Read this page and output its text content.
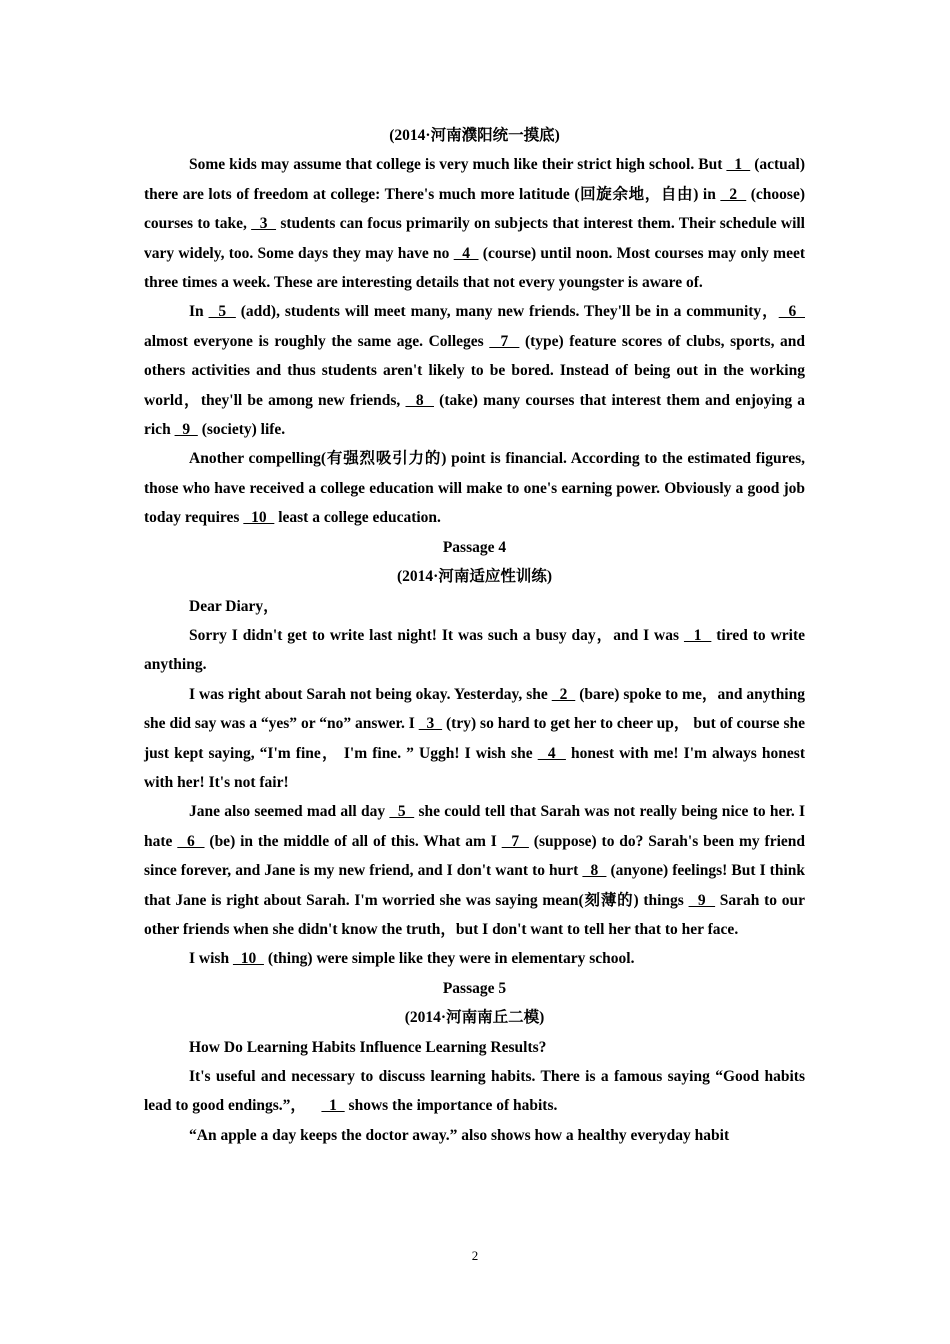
(2014·河南濮阳统一摸底)

Some kids may assume that college is very much like their strict high school. But   1   (actual) there are lots of freedom at college: There's much more latitude (回旋余地，自由) in   2   (choose) courses to take,   3   students can focus primarily on subjects that interest them. Their schedule will vary widely, too. Some days they may have no   4   (course) until noon. Most courses may only meet three times a week. These are interesting details that not every youngster is aware of.

In   5   (add), students will meet many, many new friends. They'll be in a community，  6   almost everyone is roughly the same age. Colleges   7   (type) feature scores of clubs, sports, and others activities and thus students aren't likely to be bored. Instead of being out in the working world，they'll be among new friends,   8   (take) many courses that interest them and enjoying a rich   9   (society) life.

Another compelling(有强烈吸引力的) point is financial. According to the estimated figures, those who have received a college education will make to one's earning power. Obviously a good job today requires   10   least a college education.

Passage 4

(2014·河南适应性训练)

Dear Diary，

Sorry I didn't get to write last night! It was such a busy day，and I was   1   tired to write anything.

I was right about Sarah not being okay. Yesterday, she   2   (bare) spoke to me，and anything she did say was a “yes” or “no” answer. I   3   (try) so hard to get her to cheer up， but of course she just kept saying, “I'm fine， I'm fine. ” Uggh! I wish she   4   honest with me! I'm always honest with her! It's not fair!

Jane also seemed mad all day   5   she could tell that Sarah was not really being nice to her. I hate   6   (be) in the middle of all of this. What am I   7   (suppose) to do? Sarah's been my friend since forever, and Jane is my new friend, and I don't want to hurt   8   (anyone) feelings! But I think that Jane is right about Sarah. I'm worried she was saying mean(刻薄的) things   9   Sarah to our other friends when she didn't know the truth，but I don't want to tell her that to her face.

I wish   10   (thing) were simple like they were in elementary school.

Passage 5

(2014·河南南丘二模)

How Do Learning Habits Influence Learning Results?

It's useful and necessary to discuss learning habits. There is a famous saying “Good habits lead to good endings.”，      1   shows the importance of habits.

“An apple a day keeps the doctor away.” also shows how a healthy everyday habit

2
